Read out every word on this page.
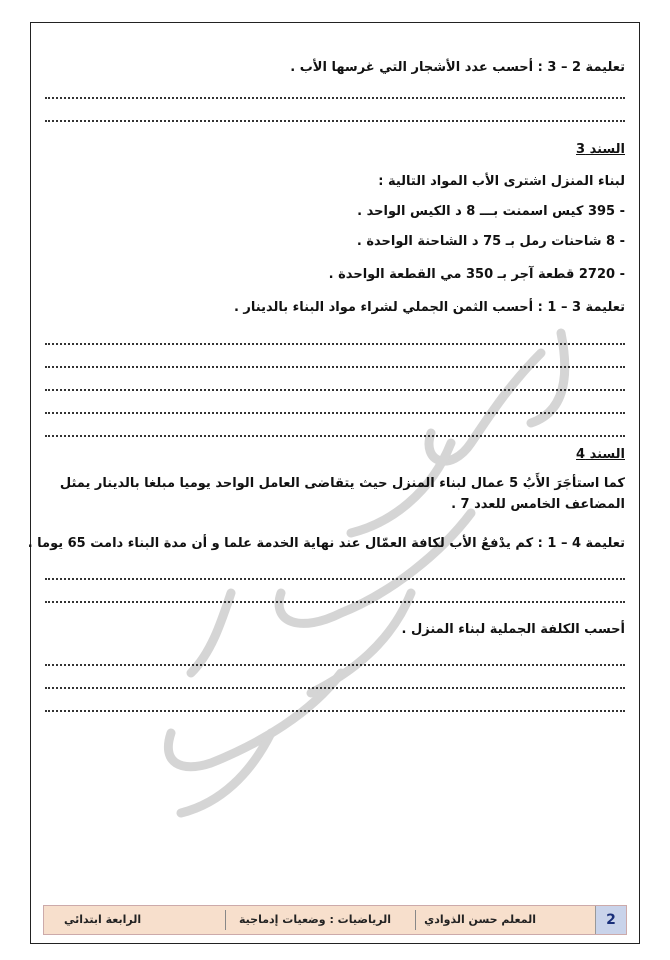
تعليمة 2 – 3 : أحسب عدد الأشجار التي غرسها الأب .
السند 3
لبناء المنزل اشترى الأب المواد التالية :
- 395 كيس اسمنت بـــ 8 د الكيس الواحد .
- 8 شاحنات رمل بـ 75 د الشاحنة الواحدة .
- 2720 قطعة آجر بـ 350 مي القطعة الواحدة .
تعليمة 3 – 1 : أحسب الثمن الجملي لشراء مواد البناء بالدينار .
السند 4
كما استأجَرَ الأَبُ 5 عمال لبناء المنزل حيث يتقاضى العامل الواحد يوميا مبلغا بالدينار يمثل المضاعف الخامس للعدد 7 .
تعليمة 4 – 1 : كم يدْفعُ الأب لكافة العمّال عند نهاية الخدمة علما و أن مدة البناء دامت 65 يوما .
أحسب الكلفة الجملية لبناء المنزل .
2
المعلم حسن الذوادي
الرياضيات : وضعيات إدماجية
الرابعة ابتدائي
